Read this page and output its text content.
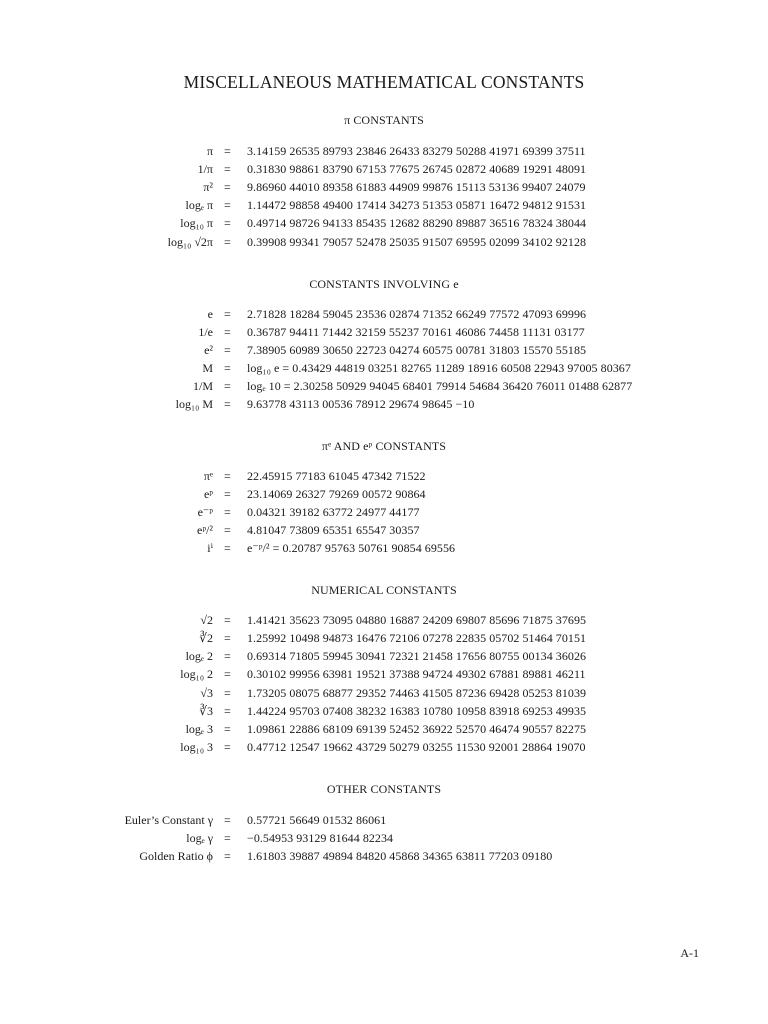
MISCELLANEOUS MATHEMATICAL CONSTANTS
π CONSTANTS
π = 3.14159 26535 89793 23846 26433 83279 50288 41971 69399 37511
1/π = 0.31830 98861 83790 67153 77675 26745 02872 40689 19291 48091
π² = 9.86960 44010 89358 61883 44909 99876 15113 53136 99407 24079
logₑ π = 1.14472 98858 49400 17414 34273 51353 05871 16472 94812 91531
log₁₀ π = 0.49714 98726 94133 85435 12682 88290 89887 36516 78324 38044
log₁₀ √2π = 0.39908 99341 79057 52478 25035 91507 69595 02099 34102 92128
CONSTANTS INVOLVING e
e = 2.71828 18284 59045 23536 02874 71352 66249 77572 47093 69996
1/e = 0.36787 94411 71442 32159 55237 70161 46086 74458 11131 03177
e² = 7.38905 60989 30650 22723 04274 60575 00781 31803 15570 55185
M = log₁₀ e = 0.43429 44819 03251 82765 11289 18916 60508 22943 97005 80367
1/M = logₑ 10 = 2.30258 50929 94045 68401 79914 54684 36420 76011 01488 62877
log₁₀ M = 9.63778 43113 00536 78912 29674 98645 −10
πᵉ AND eᵖ CONSTANTS
πᵉ = 22.45915 77183 61045 47342 71522
eᵖ = 23.14069 26327 79269 00572 90864
e⁻ᵖ = 0.04321 39182 63772 24977 44177
eᵖ/² = 4.81047 73809 65351 65547 30357
iⁱ = e⁻ᵖ/² = 0.20787 95763 50761 90854 69556
NUMERICAL CONSTANTS
√2 = 1.41421 35623 73095 04880 16887 24209 69807 85696 71875 37695
∛2 = 1.25992 10498 94873 16476 72106 07278 22835 05702 51464 70151
logₑ 2 = 0.69314 71805 59945 30941 72321 21458 17656 80755 00134 36026
log₁₀ 2 = 0.30102 99956 63981 19521 37388 94724 49302 67881 89881 46211
√3 = 1.73205 08075 68877 29352 74463 41505 87236 69428 05253 81039
∛3 = 1.44224 95703 07408 38232 16383 10780 10958 83918 69253 49935
logₑ 3 = 1.09861 22886 68109 69139 52452 36922 52570 46474 90557 82275
log₁₀ 3 = 0.47712 12547 19662 43729 50279 03255 11530 92001 28864 19070
OTHER CONSTANTS
Euler’s Constant γ = 0.57721 56649 01532 86061
logₑ γ = −0.54953 93129 81644 82234
Golden Ratio ϕ = 1.61803 39887 49894 84820 45868 34365 63811 77203 09180
A-1
